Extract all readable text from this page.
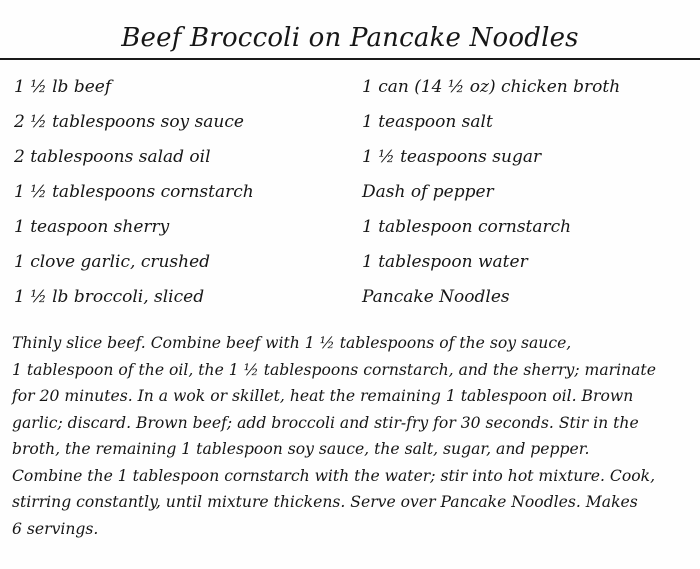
Beef Broccoli on Pancake Noodles
1 ½ lb beef
2 ½ tablespoons soy sauce
2 tablespoons salad oil
1 ½ tablespoons cornstarch
1 teaspoon sherry
1 clove garlic, crushed
1 ½ lb broccoli, sliced
1 can (14 ½ oz) chicken broth
1 teaspoon salt
1 ½ teaspoons sugar
Dash of pepper
1 tablespoon cornstarch
1 tablespoon water
Pancake Noodles

Thinly slice beef. Combine beef with 1 ½ tablespoons of the soy sauce,
1 tablespoon of the oil, the 1 ½ tablespoons cornstarch, and the sherry; marinate
for 20 minutes. In a wok or skillet, heat the remaining 1 tablespoon oil. Brown
garlic; discard. Brown beef; add broccoli and stir-fry for 30 seconds. Stir in the
broth, the remaining 1 tablespoon soy sauce, the salt, sugar, and pepper.
Combine the 1 tablespoon cornstarch with the water; stir into hot mixture. Cook,
stirring constantly, until mixture thickens. Serve over Pancake Noodles. Makes
6 servings.
